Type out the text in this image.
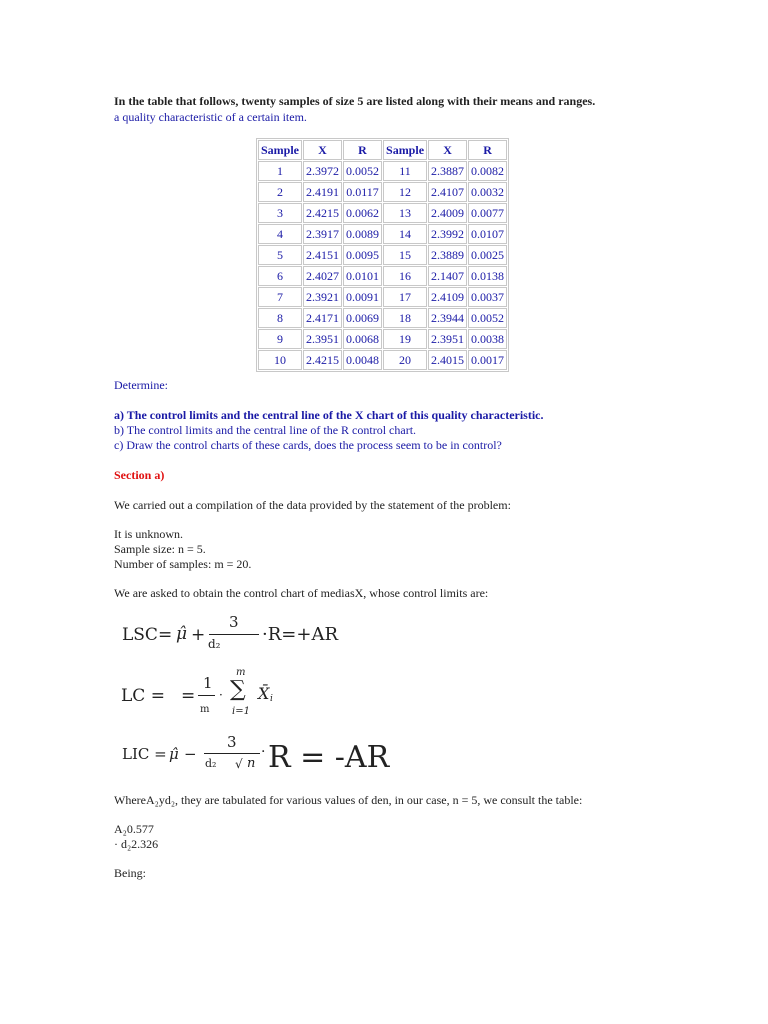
In the table that follows, twenty samples of size 5 are listed along with their means and ranges.
a quality characteristic of a certain item.
Sample	X	R	Sample	X	R
1	2.3972	0.0052	11	2.3887	0.0082
2	2.4191	0.0117	12	2.4107	0.0032
3	2.4215	0.0062	13	2.4009	0.0077
4	2.3917	0.0089	14	2.3992	0.0107
5	2.4151	0.0095	15	2.3889	0.0025
6	2.4027	0.0101	16	2.1407	0.0138
7	2.3921	0.0091	17	2.4109	0.0037
8	2.4171	0.0069	18	2.3944	0.0052
9	2.3951	0.0068	19	2.3951	0.0038
10	2.4215	0.0048	20	2.4015	0.0017
Determine:
a) The control limits and the central line of the X chart of this quality characteristic.
b) The control limits and the central line of the R control chart.
c) Draw the control charts of these cards, does the process seem to be in control?
Section a)
We carried out a compilation of the data provided by the statement of the problem:
It is unknown.
Sample size: n = 5.
Number of samples: m = 20.
We are asked to obtain the control chart of mediasX, whose control limits are:
LSC= μ̂ +
3
d₂ ·R=+AR
LC = =
1
m
·
m
∑
i=1
X̄ i
LIC = μ̂ −
3
d₂ √ n
· R = -AR
WhereA₂yd₂, they are tabulated for various values of den, in our case, n = 5, we consult the table:
A₂0.577
· d₂2.326
Being:
